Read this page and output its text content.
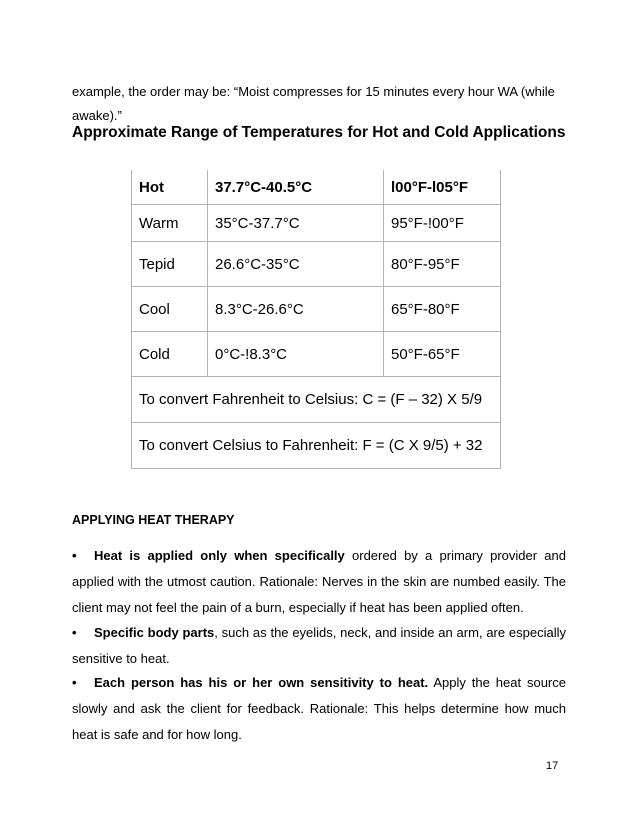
example, the order may be: “Moist compresses for 15 minutes every hour WA (while
awake).”

Approximate Range of Temperatures for Hot and Cold Applications
Hot	37.7°C-40.5°C	l00°F-l05°F
Warm	35°C-37.7°C	95°F-!00°F
Tepid	26.6°C-35°C	80°F-95°F
Cool	8.3°C-26.6°C	65°F-80°F
Cold	0°C-!8.3°C	50°F-65°F
To convert Fahrenheit to Celsius: C = (F – 32) X 5/9		
To convert Celsius to Fahrenheit: F = (C X 9/5) + 32		
APPLYING HEAT THERAPY

• Heat is applied only when specifically ordered by a primary provider and applied with the utmost caution. Rationale: Nerves in the skin are numbed easily. The client may not feel the pain of a burn, especially if heat has been applied often.

• Specific body parts, such as the eyelids, neck, and inside an arm, are especially sensitive to heat.

• Each person has his or her own sensitivity to heat. Apply the heat source slowly and ask the client for feedback. Rationale: This helps determine how much heat is safe and for how long.

17
